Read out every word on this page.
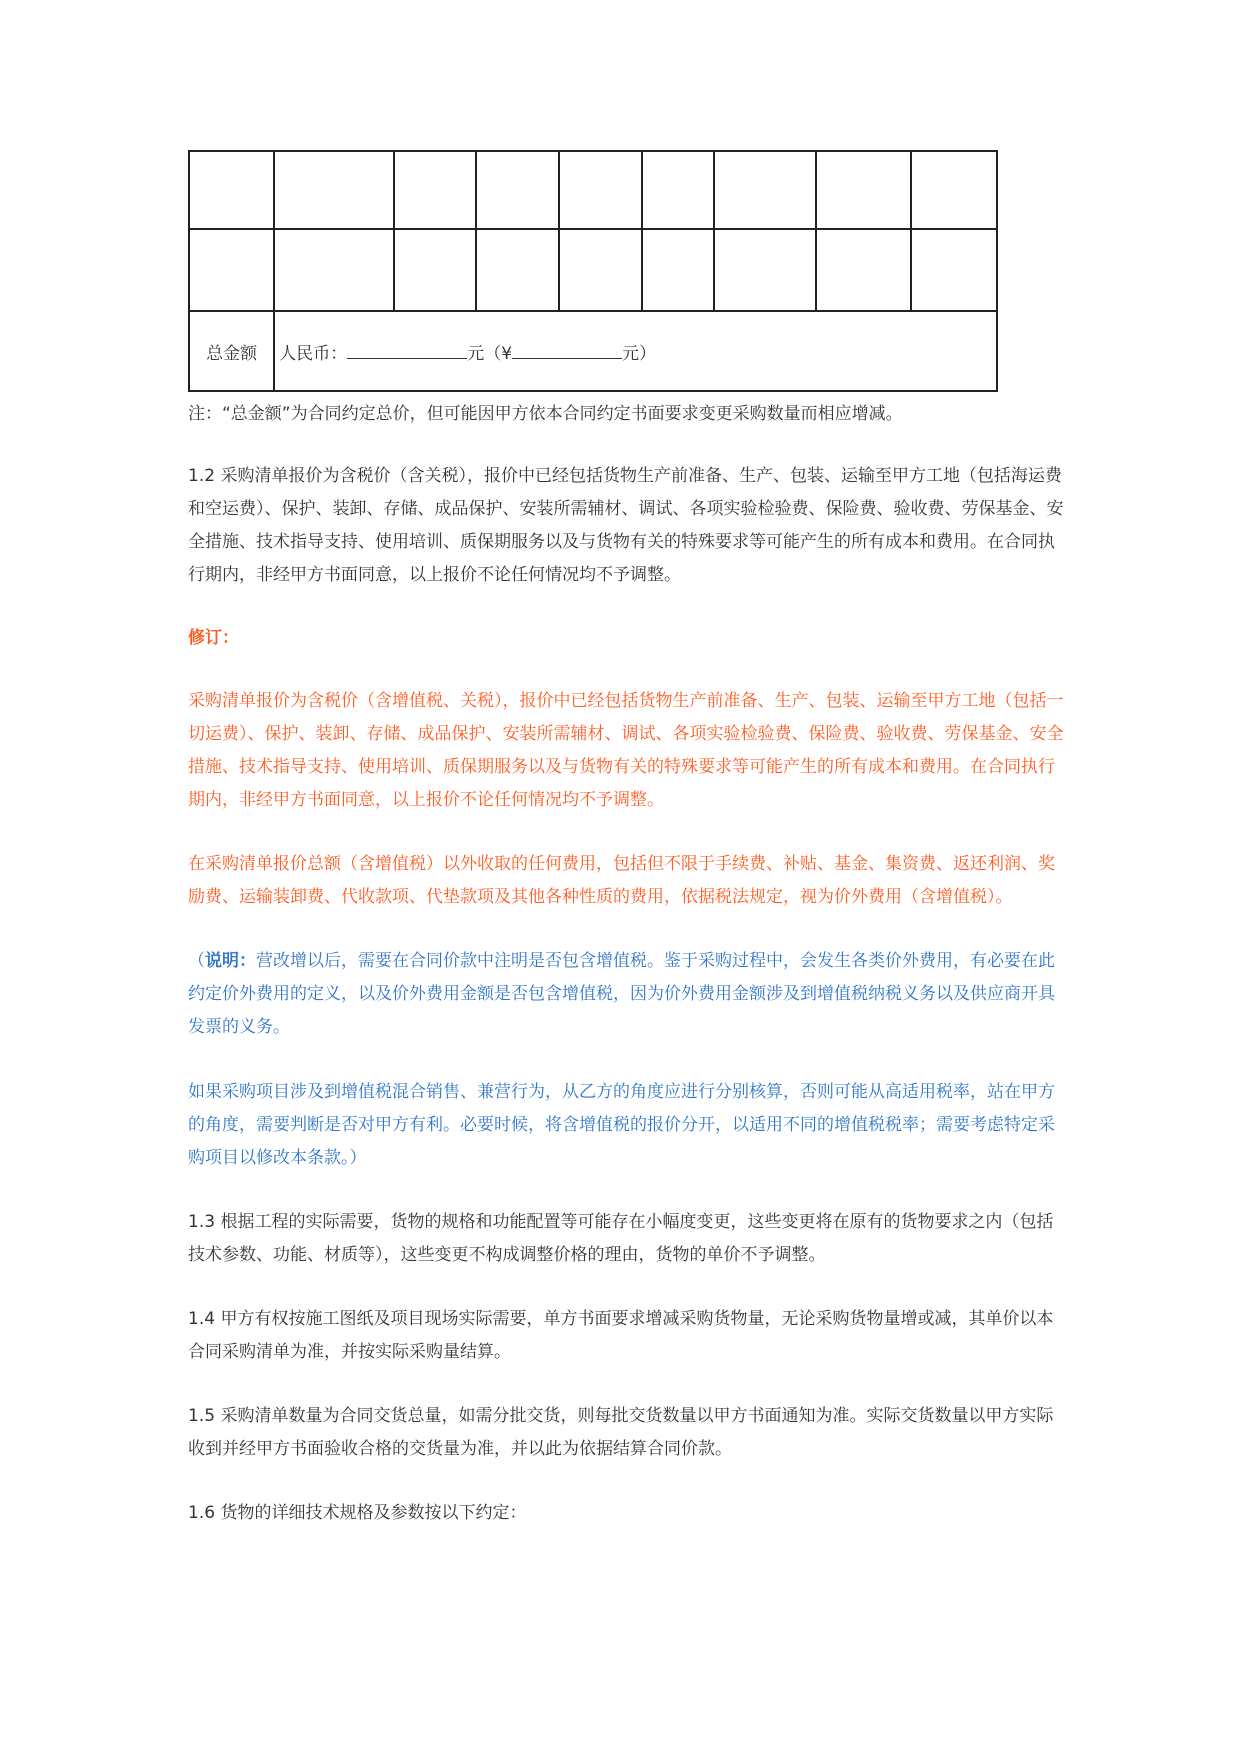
总金额	人民币： 元（¥ 元）							
注：“总金额”为合同约定总价，但可能因甲方依本合同约定书面要求变更采购数量而相应增减。

1.2 采购清单报价为含税价（含关税），报价中已经包括货物生产前准备、生产、包装、运输至甲方工地（包括海运费和空运费）、保护、装卸、存储、成品保护、安装所需辅材、调试、各项实验检验费、保险费、验收费、劳保基金、安全措施、技术指导支持、使用培训、质保期服务以及与货物有关的特殊要求等可能产生的所有成本和费用。在合同执行期内，非经甲方书面同意，以上报价不论任何情况均不予调整。

修订：

采购清单报价为含税价（含增值税、关税），报价中已经包括货物生产前准备、生产、包装、运输至甲方工地（包括一切运费）、保护、装卸、存储、成品保护、安装所需辅材、调试、各项实验检验费、保险费、验收费、劳保基金、安全措施、技术指导支持、使用培训、质保期服务以及与货物有关的特殊要求等可能产生的所有成本和费用。在合同执行期内，非经甲方书面同意，以上报价不论任何情况均不予调整。

在采购清单报价总额（含增值税）以外收取的任何费用，包括但不限于手续费、补贴、基金、集资费、返还利润、奖励费、运输装卸费、代收款项、代垫款项及其他各种性质的费用，依据税法规定，视为价外费用（含增值税）。

（说明：营改增以后，需要在合同价款中注明是否包含增值税。鉴于采购过程中，会发生各类价外费用，有必要在此约定价外费用的定义，以及价外费用金额是否包含增值税，因为价外费用金额涉及到增值税纳税义务以及供应商开具发票的义务。

如果采购项目涉及到增值税混合销售、兼营行为，从乙方的角度应进行分别核算，否则可能从高适用税率，站在甲方的角度，需要判断是否对甲方有利。必要时候，将含增值税的报价分开，以适用不同的增值税税率；需要考虑特定采购项目以修改本条款。）

1.3 根据工程的实际需要，货物的规格和功能配置等可能存在小幅度变更，这些变更将在原有的货物要求之内（包括技术参数、功能、材质等），这些变更不构成调整价格的理由，货物的单价不予调整。

1.4 甲方有权按施工图纸及项目现场实际需要，单方书面要求增减采购货物量，无论采购货物量增或减，其单价以本合同采购清单为准，并按实际采购量结算。

1.5 采购清单数量为合同交货总量，如需分批交货，则每批交货数量以甲方书面通知为准。实际交货数量以甲方实际收到并经甲方书面验收合格的交货量为准，并以此为依据结算合同价款。

1.6 货物的详细技术规格及参数按以下约定：
